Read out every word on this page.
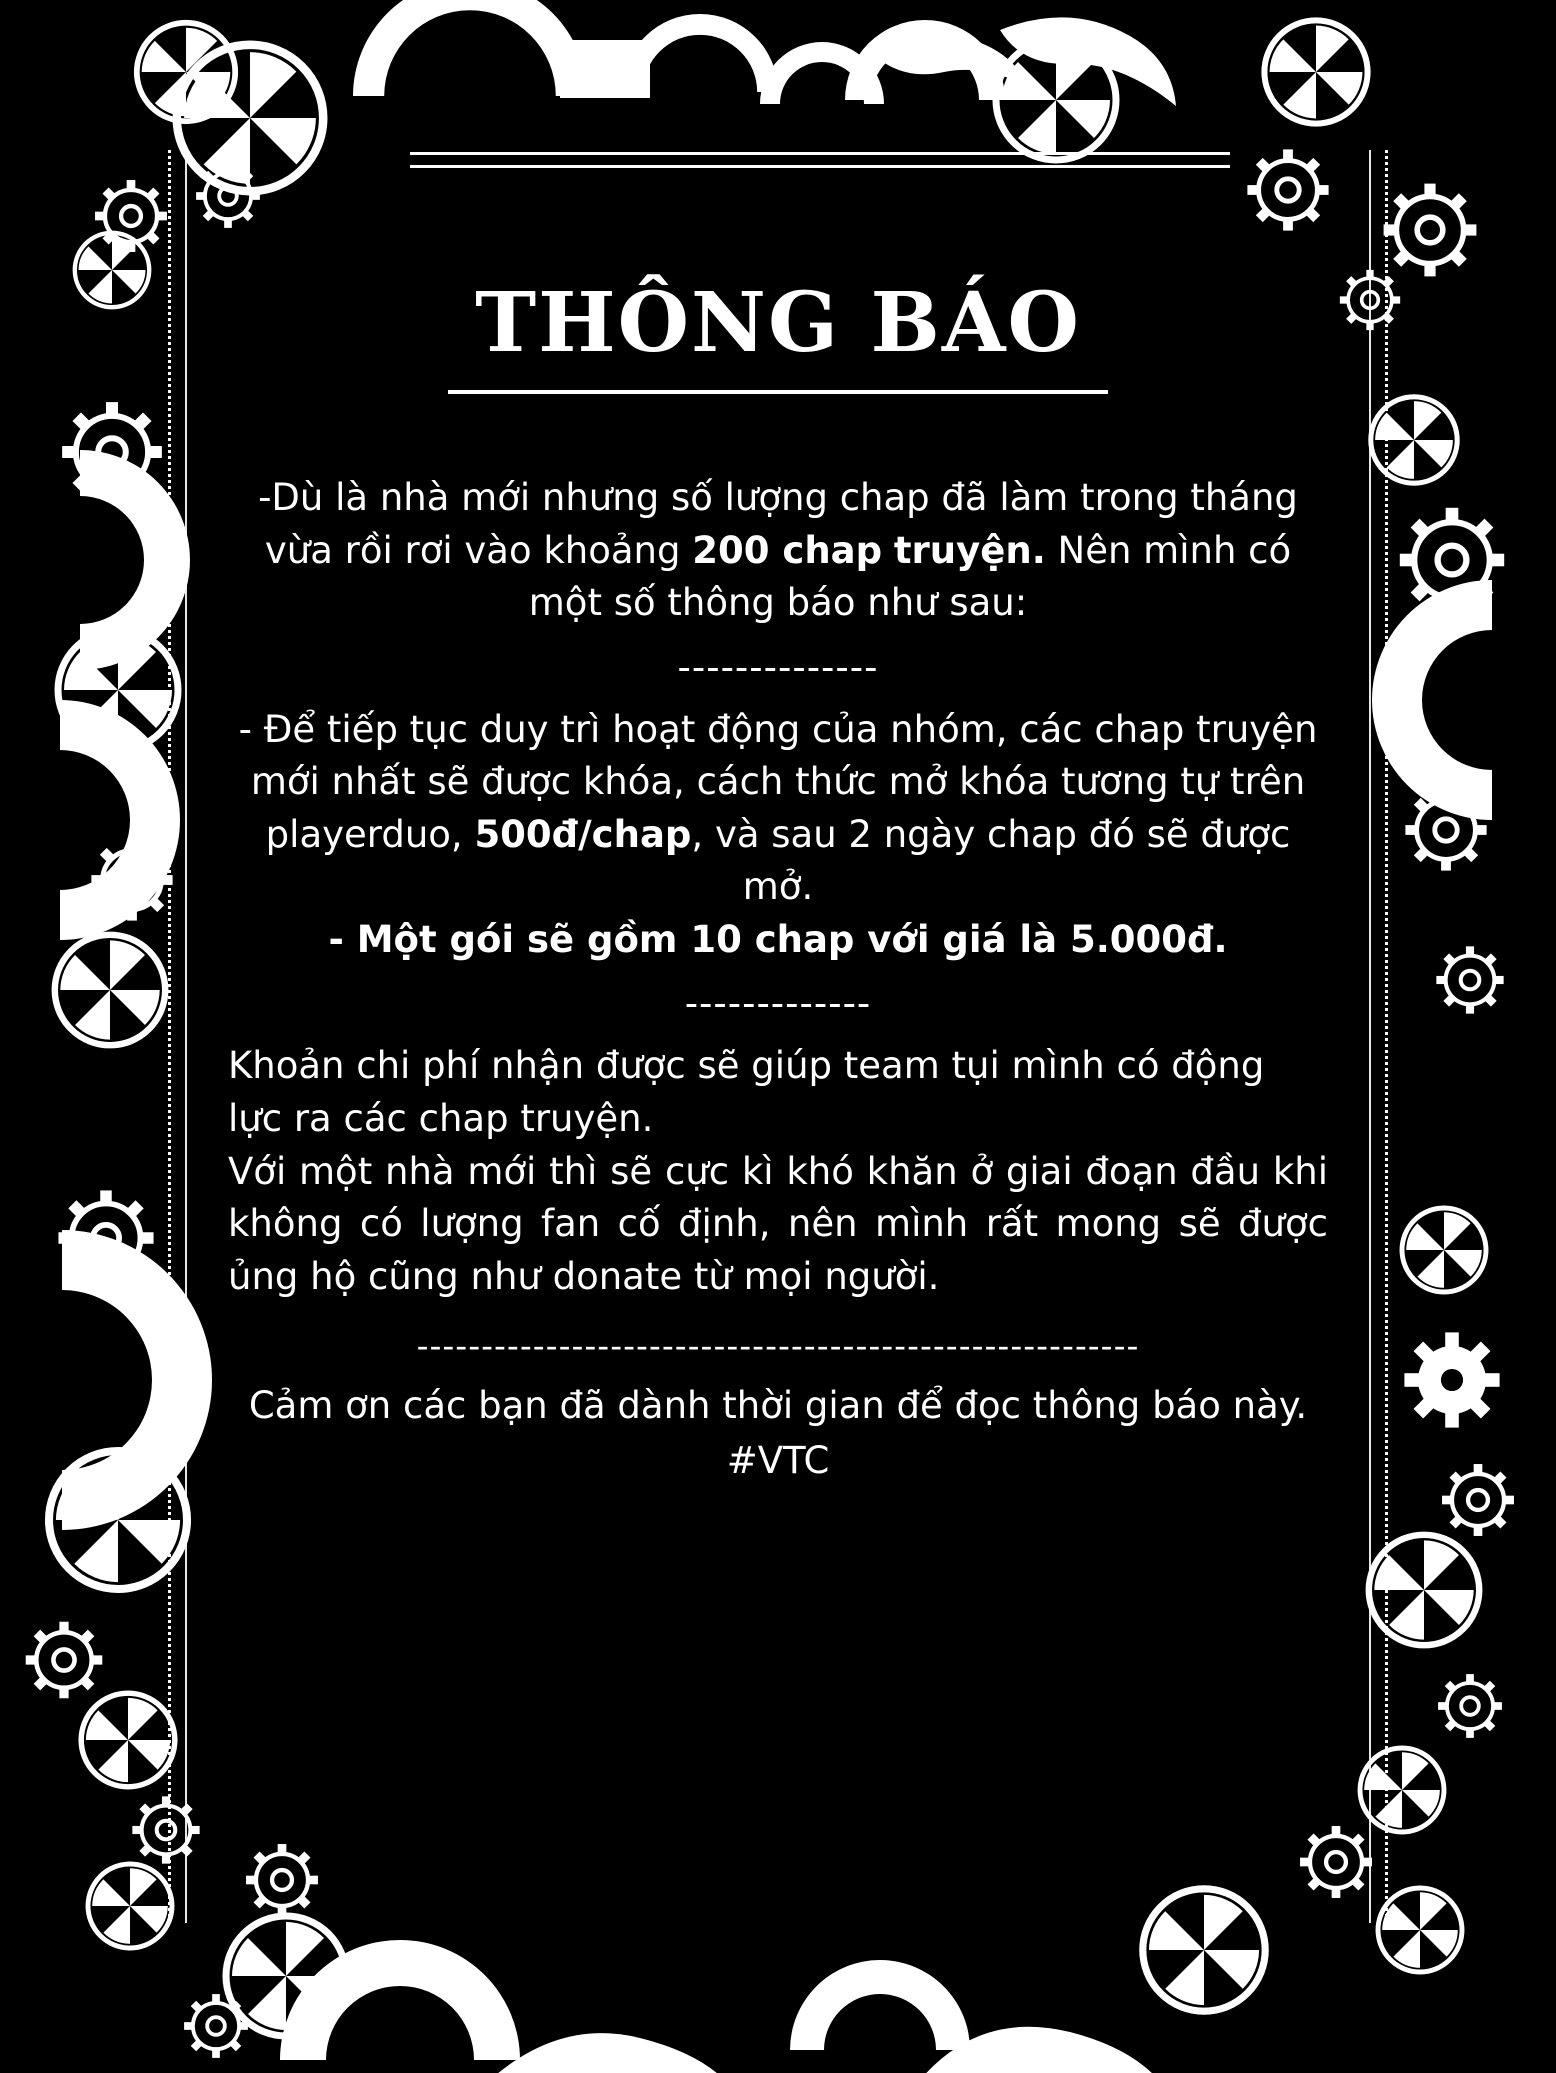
THÔNG BÁO

-Dù là nhà mới nhưng số lượng chap đã làm trong tháng vừa rồi rơi vào khoảng 200 chap truyện. Nên mình có một số thông báo như sau:

--------------

- Để tiếp tục duy trì hoạt động của nhóm, các chap truyện mới nhất sẽ được khóa, cách thức mở khóa tương tự trên playerduo, 500đ/chap, và sau 2 ngày chap đó sẽ được mở.

- Một gói sẽ gồm 10 chap với giá là 5.000đ.

-------------

Khoản chi phí nhận được sẽ giúp team tụi mình có động lực ra các chap truyện.

Với một nhà mới thì sẽ cực kì khó khăn ở giai đoạn đầu khi không có lượng fan cố định, nên mình rất mong sẽ được ủng hộ cũng như donate từ mọi người.

--------------------------------------------------------

Cảm ơn các bạn đã dành thời gian để đọc thông báo này.

#VTC
